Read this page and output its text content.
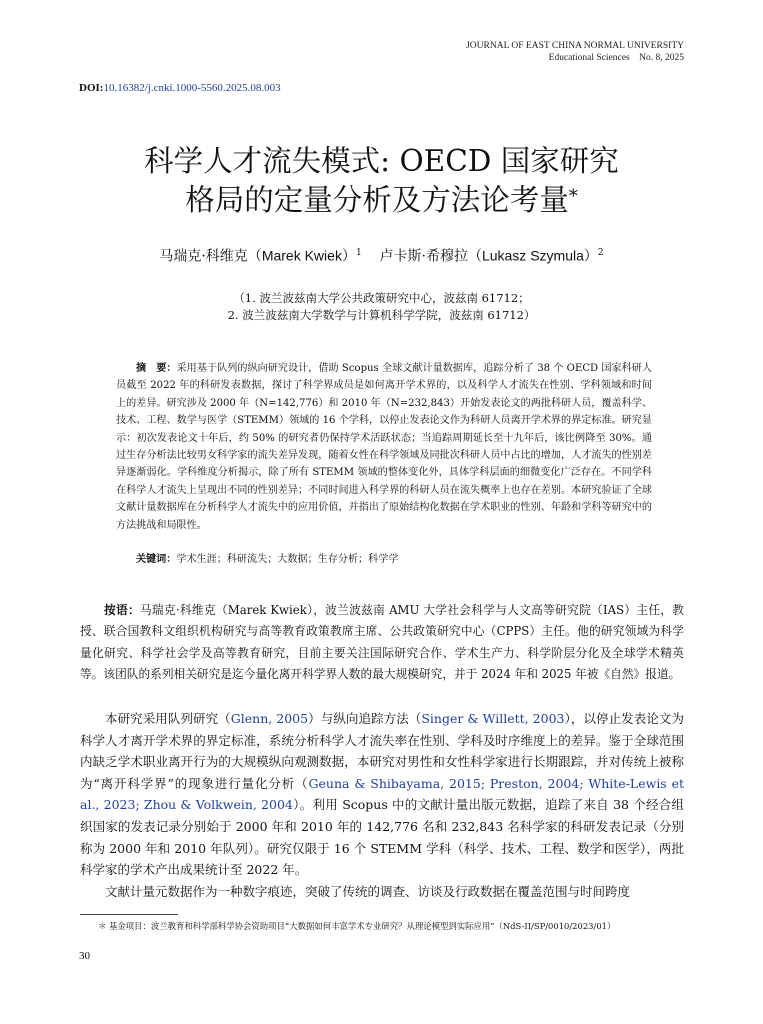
JOURNAL OF EAST CHINA NORMAL UNIVERSITY
Educational Sciences    No. 8, 2025
DOI:10.16382/j.cnki.1000-5560.2025.08.003
科学人才流失模式: OECD 国家研究
格局的定量分析及方法论考量*
马瑞克·科维克（Marek Kwiek）$^1$ 卢卡斯·希穆拉（Lukasz Szymula）$^2$
（1. 波兰波兹南大学公共政策研究中心，波兹南 61712；
2. 波兰波兹南大学数学与计算机科学学院，波兹南 61712）

摘　要：采用基于队列的纵向研究设计，借助 Scopus 全球文献计量数据库，追踪分析了 38 个 OECD 国家科研人员截至 2022 年的科研发表数据，探讨了科学界成员是如何离开学术界的，以及科学人才流失在性别、学科领域和时间上的差异。研究涉及 2000 年（N=142,776）和 2010 年（N=232,843）开始发表论文的两批科研人员，覆盖科学、技术、工程、数学与医学（STEMM）领域的 16 个学科，以停止发表论文作为科研人员离开学术界的界定标准。研究显示：初次发表论文十年后，约 50% 的研究者仍保持学术活跃状态；当追踪周期延长至十九年后，该比例降至 30%。通过生存分析法比较男女科学家的流失差异发现，随着女性在科学领域及同批次科研人员中占比的增加，人才流失的性别差异逐渐弱化。学科维度分析揭示，除了所有 STEMM 领域的整体变化外，具体学科层面的细微变化广泛存在。不同学科在科学人才流失上呈现出不同的性别差异；不同时间进入科学界的科研人员在流失概率上也存在差别。本研究验证了全球文献计量数据库在分析科学人才流失中的应用价值，并指出了原始结构化数据在学术职业的性别、年龄和学科等研究中的方法挑战和局限性。

关键词：学术生涯；科研流失；大数据；生存分析；科学学

按语：马瑞克·科维克（Marek Kwiek），波兰波兹南 AMU 大学社会科学与人文高等研究院（IAS）主任，教授、联合国教科文组织机构研究与高等教育政策教席主席、公共政策研究中心（CPPS）主任。他的研究领域为科学量化研究、科学社会学及高等教育研究，目前主要关注国际研究合作、学术生产力、科学阶层分化及全球学术精英等。该团队的系列相关研究是迄今量化离开科学界人数的最大规模研究，并于 2024 年和 2025 年被《自然》报道。

本研究采用队列研究（Glenn, 2005）与纵向追踪方法（Singer & Willett, 2003），以停止发表论文为科学人才离开学术界的界定标准，系统分析科学人才流失率在性别、学科及时序维度上的差异。鉴于全球范围内缺乏学术职业离开行为的大规模纵向观测数据，本研究对男性和女性科学家进行长期跟踪，并对传统上被称为“离开科学界”的现象进行量化分析（Geuna & Shibayama, 2015; Preston, 2004; White-Lewis et al., 2023; Zhou & Volkwein, 2004）。利用 Scopus 中的文献计量出版元数据，追踪了来自 38 个经合组织国家的发表记录分别始于 2000 年和 2010 年的 142,776 名和 232,843 名科学家的科研发表记录（分别称为 2000 年和 2010 年队列）。研究仅限于 16 个 STEMM 学科（科学、技术、工程、数学和医学），两批科学家的学术产出成果统计至 2022 年。

文献计量元数据作为一种数字痕迹，突破了传统的调查、访谈及行政数据在覆盖范围与时间跨度

＊ 基金项目：波兰教育和科学部科学协会资助项目“大数据如何丰富学术专业研究？从理论模型到实际应用”（NdS-II/SP/0010/2023/01）

30
